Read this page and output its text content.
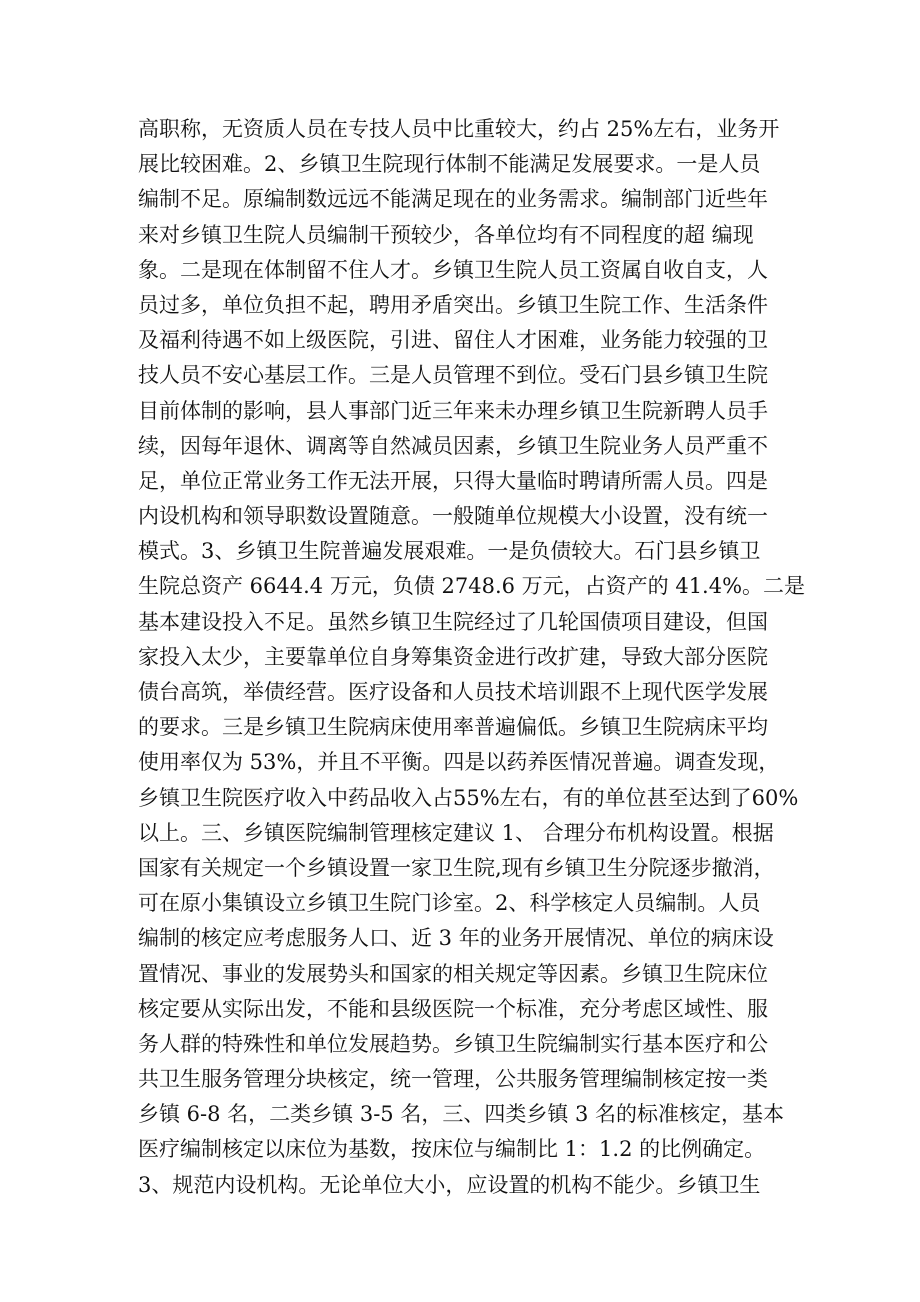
高职称，无资质人员在专技人员中比重较大，约占 25%左右，业务开
展比较困难。2、乡镇卫生院现行体制不能满足发展要求。一是人员
编制不足。原编制数远远不能满足现在的业务需求。编制部门近些年
来对乡镇卫生院人员编制干预较少，各单位均有不同程度的超 编现
象。二是现在体制留不住人才。乡镇卫生院人员工资属自收自支，人
员过多，单位负担不起，聘用矛盾突出。乡镇卫生院工作、生活条件
及福利待遇不如上级医院，引进、留住人才困难，业务能力较强的卫
技人员不安心基层工作。三是人员管理不到位。受石门县乡镇卫生院
目前体制的影响，县人事部门近三年来未办理乡镇卫生院新聘人员手
续，因每年退休、调离等自然减员因素，乡镇卫生院业务人员严重不
足，单位正常业务工作无法开展，只得大量临时聘请所需人员。四是
内设机构和领导职数设置随意。一般随单位规模大小设置，没有统一
模式。3、乡镇卫生院普遍发展艰难。一是负债较大。石门县乡镇卫
生院总资产 6644.4 万元，负债 2748.6 万元，占资产的 41.4%。二是
基本建设投入不足。虽然乡镇卫生院经过了几轮国债项目建设，但国
家投入太少，主要靠单位自身筹集资金进行改扩建，导致大部分医院
债台高筑，举债经营。医疗设备和人员技术培训跟不上现代医学发展
的要求。三是乡镇卫生院病床使用率普遍偏低。乡镇卫生院病床平均
使用率仅为 53%，并且不平衡。四是以药养医情况普遍。调查发现，
乡镇卫生院医疗收入中药品收入占55%左右，有的单位甚至达到了60%
以上。三、乡镇医院编制管理核定建议 1、 合理分布机构设置。根据
国家有关规定一个乡镇设置一家卫生院,现有乡镇卫生分院逐步撤消，
可在原小集镇设立乡镇卫生院门诊室。2、科学核定人员编制。人员
编制的核定应考虑服务人口、近 3 年的业务开展情况、单位的病床设
置情况、事业的发展势头和国家的相关规定等因素。乡镇卫生院床位
核定要从实际出发，不能和县级医院一个标准，充分考虑区域性、服
务人群的特殊性和单位发展趋势。乡镇卫生院编制实行基本医疗和公
共卫生服务管理分块核定，统一管理，公共服务管理编制核定按一类
乡镇 6-8 名，二类乡镇 3-5 名，三、四类乡镇 3 名的标准核定，基本
医疗编制核定以床位为基数，按床位与编制比 1：1.2 的比例确定。
3、规范内设机构。无论单位大小，应设置的机构不能少。乡镇卫生
